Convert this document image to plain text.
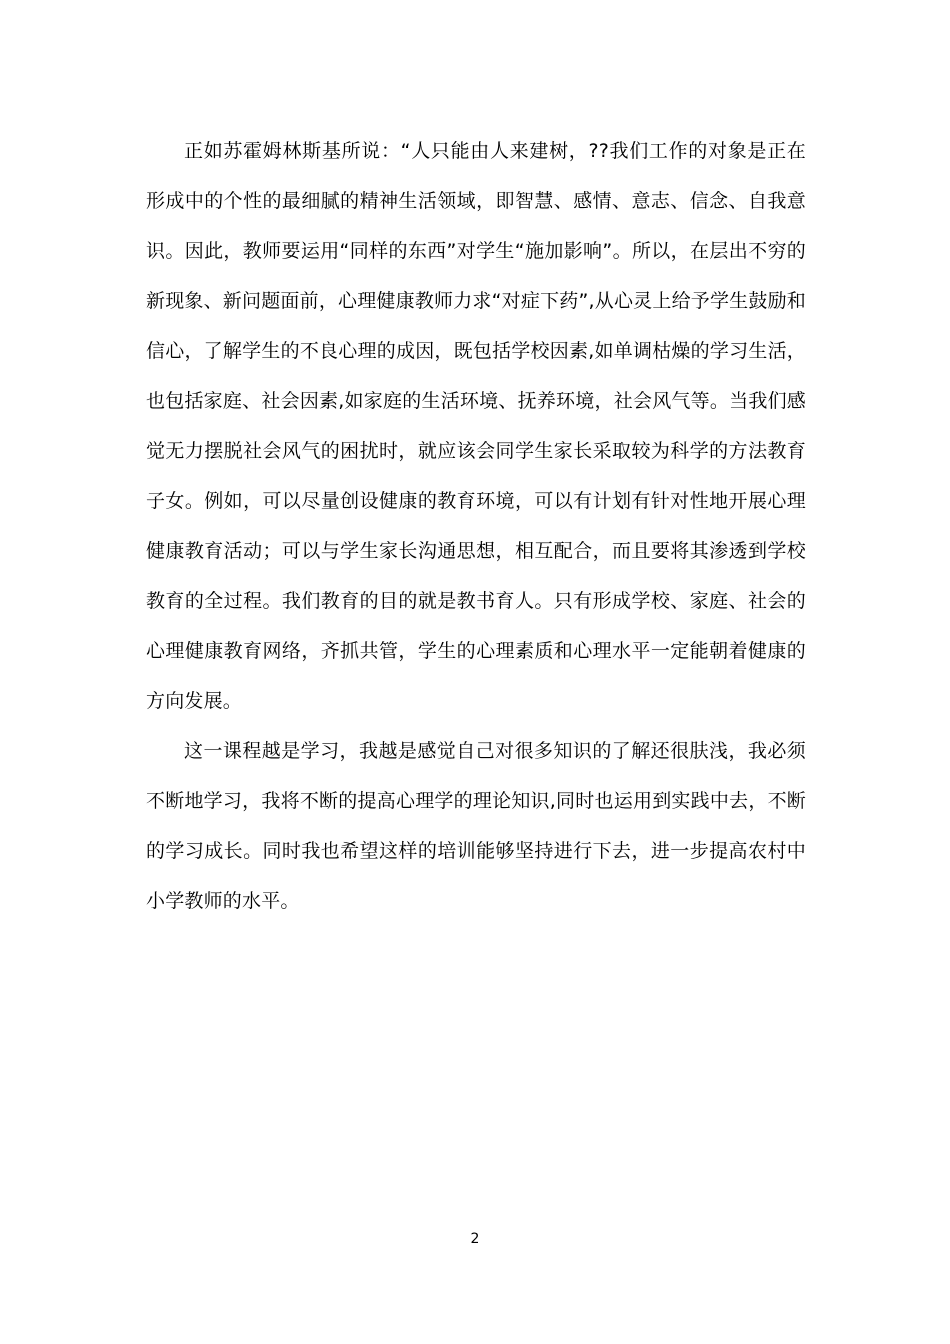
正如苏霍姆林斯基所说：“人只能由人来建树，??我们工作的对象是正在形成中的个性的最细腻的精神生活领域，即智慧、感情、意志、信念、自我意识。因此，教师要运用“同样的东西”对学生“施加影响”。所以，在层出不穷的新现象、新问题面前，心理健康教师力求“对症下药”,从心灵上给予学生鼓励和信心，了解学生的不良心理的成因，既包括学校因素,如单调枯燥的学习生活，也包括家庭、社会因素,如家庭的生活环境、抚养环境，社会风气等。当我们感觉无力摆脱社会风气的困扰时，就应该会同学生家长采取较为科学的方法教育子女。例如，可以尽量创设健康的教育环境，可以有计划有针对性地开展心理健康教育活动；可以与学生家长沟通思想，相互配合，而且要将其渗透到学校教育的全过程。我们教育的目的就是教书育人。只有形成学校、家庭、社会的心理健康教育网络，齐抓共管，学生的心理素质和心理水平一定能朝着健康的方向发展。

这一课程越是学习，我越是感觉自己对很多知识的了解还很肤浅，我必须不断地学习，我将不断的提高心理学的理论知识,同时也运用到实践中去，不断的学习成长。同时我也希望这样的培训能够坚持进行下去，进一步提高农村中小学教师的水平。

2
